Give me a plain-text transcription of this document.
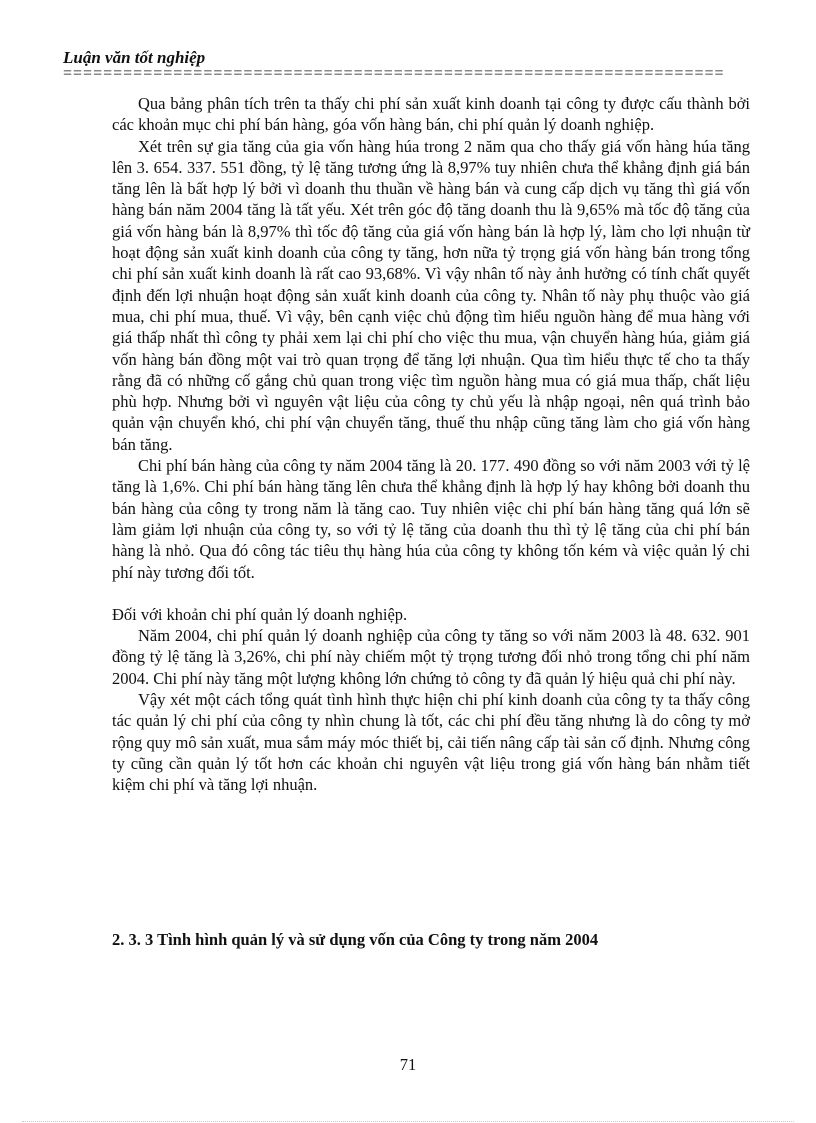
Luận văn tốt nghiệp
==================================================================

Qua bảng phân tích trên ta thấy chi phí sản xuất kinh doanh tại công ty được cấu thành bởi các khoản mục chi phí bán hàng, góa vốn hàng bán, chi phí quản lý doanh nghiệp.

Xét trên sự gia tăng của gia vốn hàng húa trong 2 năm qua cho thấy giá vốn hàng húa tăng lên 3. 654. 337. 551 đồng, tỷ lệ tăng tương ứng là 8,97% tuy nhiên chưa thể khẳng định giá bán tăng lên là bất hợp lý bởi vì doanh thu thuần về hàng bán và cung cấp dịch vụ tăng thì giá vốn hàng bán năm 2004 tăng là tất yếu. Xét trên góc độ tăng doanh thu là 9,65% mà tốc độ tăng của giá vốn hàng bán là 8,97% thì tốc độ tăng của giá vốn hàng bán là hợp lý, làm cho lợi nhuận từ hoạt động sản xuất kinh doanh của công ty tăng, hơn nữa tỷ trọng giá vốn hàng bán trong tổng chi phí sản xuất kinh doanh là rất cao 93,68%. Vì vậy nhân tố này ảnh hưởng có tính chất quyết định đến lợi nhuận hoạt động sản xuất kinh doanh của công ty. Nhân tố này phụ thuộc vào giá mua, chi phí mua, thuế. Vì vậy, bên cạnh việc chủ động tìm hiểu nguồn hàng để mua hàng với giá thấp nhất thì công ty phải xem lại chi phí cho việc thu mua, vận chuyển hàng húa, giảm giá vốn hàng bán đồng một vai trò quan trọng để tăng lợi nhuận. Qua tìm hiểu thực tế cho ta thấy rằng đã có những cố gắng chủ quan trong việc tìm nguồn hàng mua có giá mua thấp, chất liệu phù hợp. Nhưng bởi vì nguyên vật liệu của công ty chủ yếu là nhập ngoại, nên quá trình bảo quản vận chuyển khó, chi phí vận chuyển tăng, thuế thu nhập cũng tăng làm cho giá vốn hàng bán tăng.

Chi phí bán hàng của công ty năm 2004 tăng là 20. 177. 490 đồng so với năm 2003 với tỷ lệ tăng là 1,6%. Chi phí bán hàng tăng lên chưa thể khẳng định là hợp lý hay không bởi doanh thu bán hàng của công ty trong năm là tăng cao. Tuy nhiên việc chi phí bán hàng tăng quá lớn sẽ làm giảm lợi nhuận của công ty, so với tỷ lệ tăng của doanh thu thì tỷ lệ tăng của chi phí bán hàng là nhỏ. Qua đó công tác tiêu thụ hàng húa của công ty không tốn kém và việc quản lý chi phí này tương đối tốt.

Đối với khoản chi phí quản lý doanh nghiệp.

Năm 2004, chi phí quản lý doanh nghiệp của công ty tăng so với năm 2003 là 48. 632. 901 đồng tỷ lệ tăng là 3,26%, chi phí này chiếm một tỷ trọng tương đối nhỏ trong tổng chi phí năm 2004. Chi phí này tăng một lượng không lớn chứng tỏ công ty đã quản lý hiệu quả chi phí này.

Vậy xét một cách tổng quát tình hình thực hiện chi phí kinh doanh của công ty ta thấy công tác quản lý chi phí của công ty nhìn chung là tốt, các chi phí đều tăng nhưng là do công ty mở rộng quy mô sản xuất, mua sắm máy móc thiết bị, cải tiến nâng cấp tài sản cố định. Nhưng công ty cũng cần quản lý tốt hơn các khoản chi nguyên vật liệu trong giá vốn hàng bán nhằm tiết kiệm chi phí và tăng lợi nhuận.

2. 3. 3 Tình hình quản lý và sử dụng vốn của Công ty trong năm 2004
71
